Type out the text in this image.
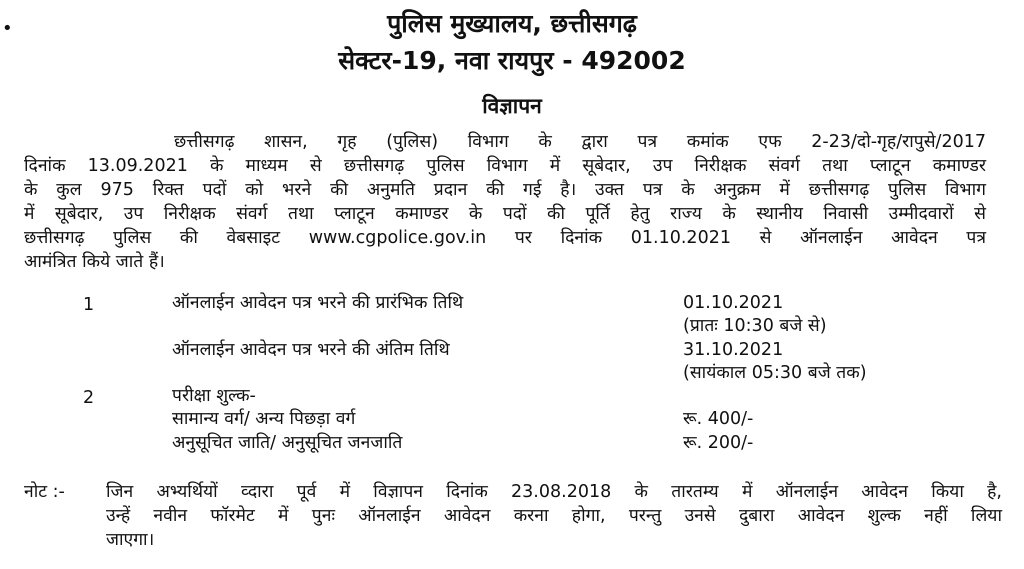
•	पुलिस मुख्यालय, छत्तीसगढ़
सेक्टर-19, नवा रायपुर - 492002
विज्ञापन
छत्तीसगढ़ शासन, गृह (पुलिस) विभाग के द्वारा पत्र कमांक एफ 2-23/दो-गृह/रापुसे/2017
दिनांक 13.09.2021 के माध्यम से छत्तीसगढ़ पुलिस विभाग में सूबेदार, उप निरीक्षक संवर्ग तथा प्लाटून कमाण्डर
के कुल 975 रिक्त पदों को भरने की अनुमति प्रदान की गई है। उक्त पत्र के अनुक्रम में छत्तीसगढ़ पुलिस विभाग
में सूबेदार, उप निरीक्षक संवर्ग तथा प्लाटून कमाण्डर के पदों की पूर्ति हेतु राज्य के स्थानीय निवासी उम्मीदवारों से
छत्तीसगढ़ पुलिस की वेबसाइट www.cgpolice.gov.in पर दिनांक 01.10.2021 से ऑनलाईन आवेदन पत्र
आमंत्रित किये जाते हैं।
1	ऑनलाईन आवेदन पत्र भरने की प्रारंभिक तिथि	01.10.2021
(प्रातः 10:30 बजे से)
ऑनलाईन आवेदन पत्र भरने की अंतिम तिथि	31.10.2021
(सायंकाल 05:30 बजे तक)
2	परीक्षा शुल्क-
सामान्य वर्ग/ अन्य पिछड़ा वर्ग	रू. 400/-
अनुसूचित जाति/ अनुसूचित जनजाति	रू. 200/-
नोट :- जिन अभ्यर्थियों व्दारा पूर्व में विज्ञापन दिनांक 23.08.2018 के तारतम्य में ऑनलाईन आवेदन किया है,
उन्हें नवीन फॉरमेट में पुनः ऑनलाईन आवेदन करना होगा, परन्तु उनसे दुबारा आवेदन शुल्क नहीं लिया
जाएगा।
